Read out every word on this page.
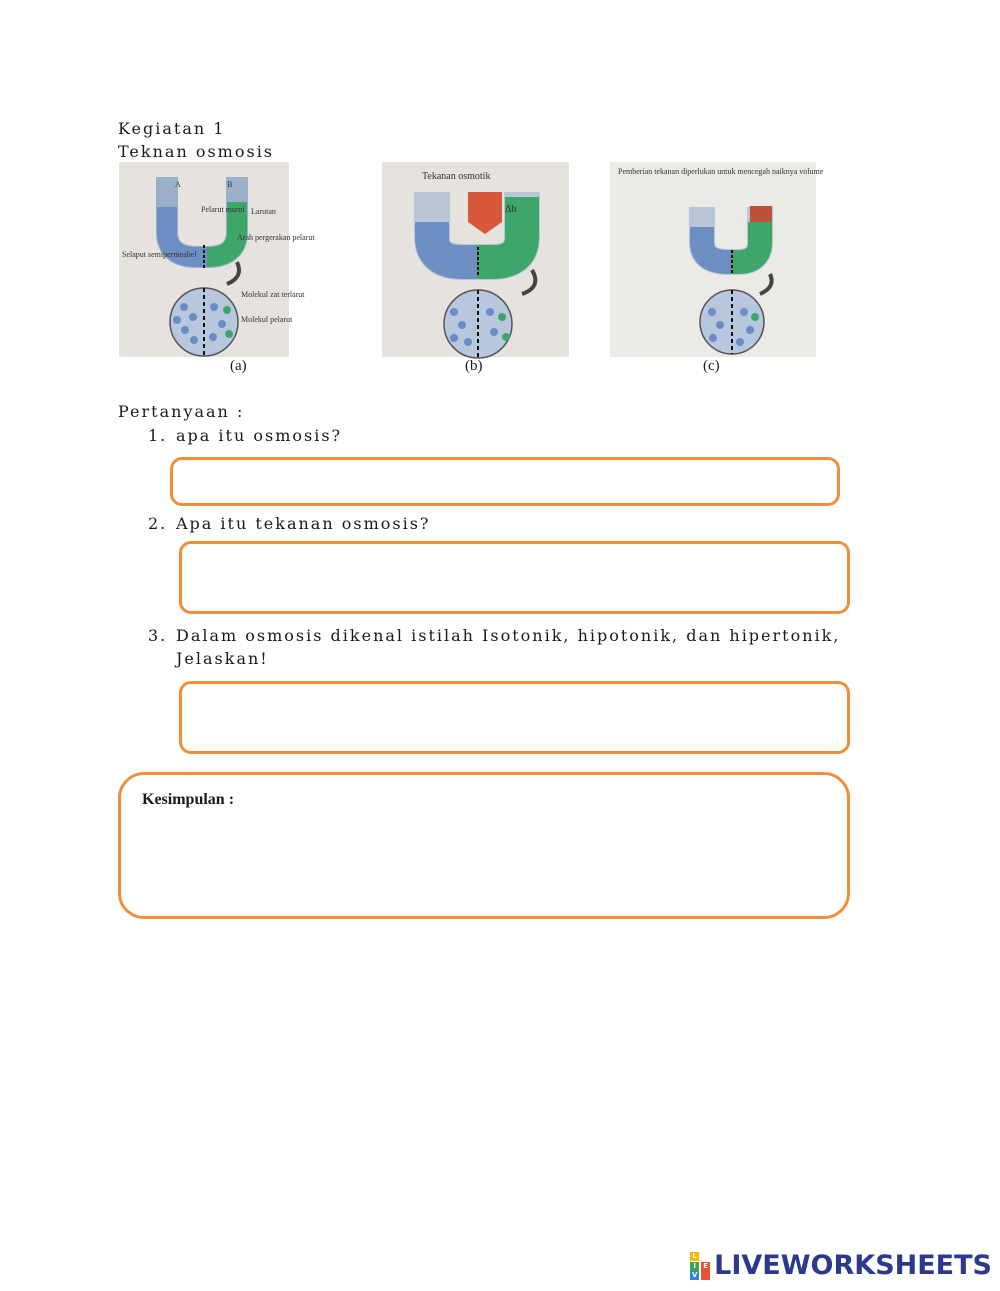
Kegiatan 1
Teknan osmosis
A	B
Pelarut murni Larutan
Arah pergerakan pelarut
Selaput semipermeabel
Molekul zat terlarut
Molekul pelarut
(a)
Tekanan osmotik
Δh
(b)
Pemberian tekanan diperlukan untuk mencegah naiknya volume
(c)
Pertanyaan :
1. apa itu osmosis?
2. Apa itu tekanan osmosis?
3. Dalam osmosis dikenal istilah Isotonik, hipotonik, dan hipertonik,
Jelaskan!
Kesimpulan :
L
I
V
E LIVEWORKSHEETS
